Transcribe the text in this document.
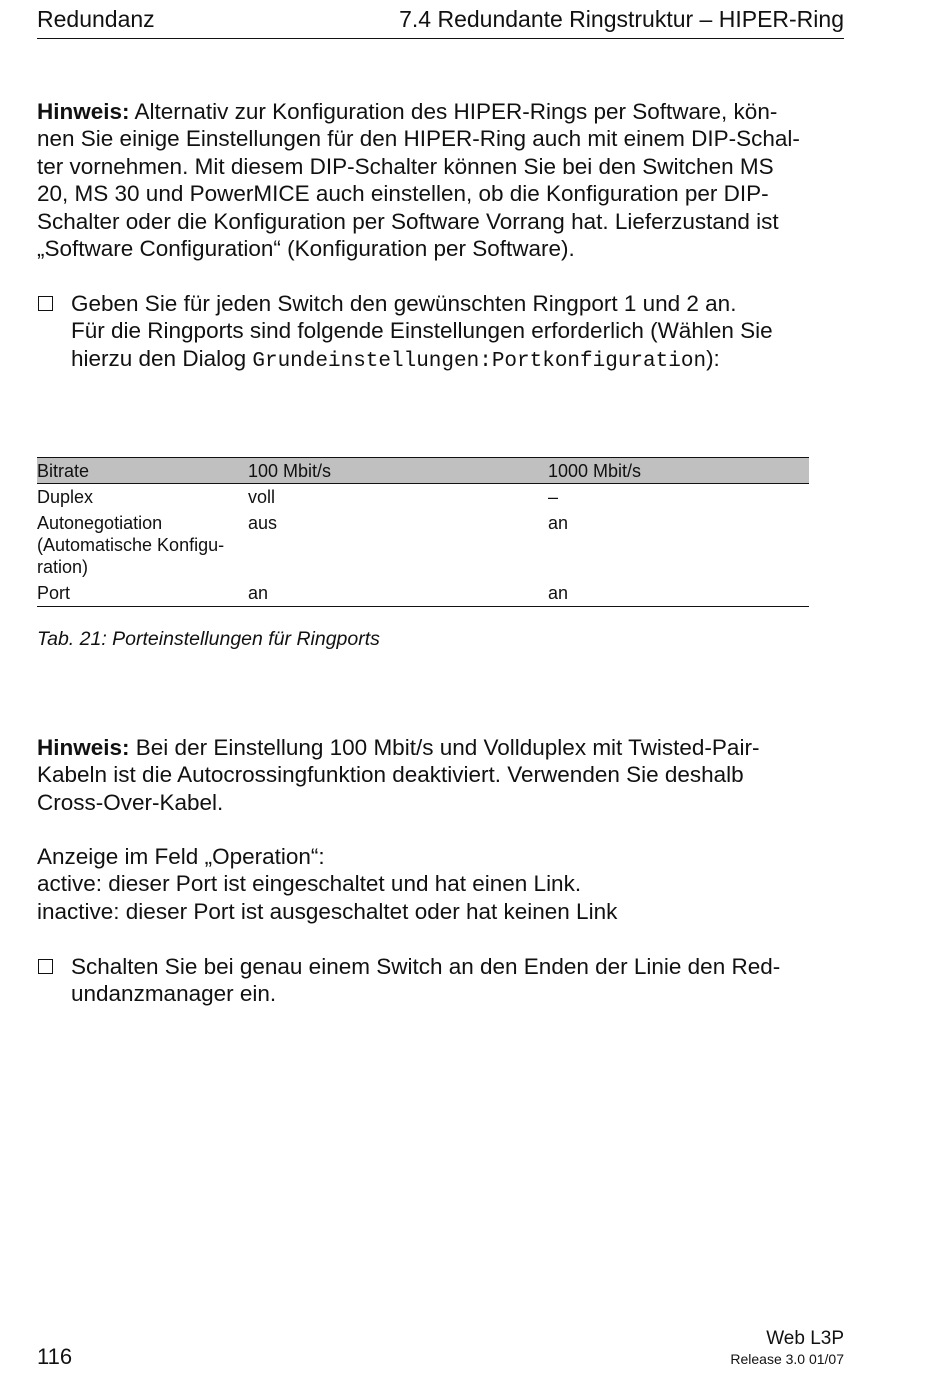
Redundanz	7.4 Redundante Ringstruktur – HIPER-Ring

Hinweis: Alternativ zur Konfiguration des HIPER-Rings per Software, kön-
nen Sie einige Einstellungen für den HIPER-Ring auch mit einem DIP-Schal-
ter vornehmen. Mit diesem DIP-Schalter können Sie bei den Switchen MS
20, MS 30 und PowerMICE auch einstellen, ob die Konfiguration per DIP-
Schalter oder die Konfiguration per Software Vorrang hat. Lieferzustand ist
„Software Configuration“ (Konfiguration per Software).

Geben Sie für jeden Switch den gewünschten Ringport 1 und 2 an.
Für die Ringports sind folgende Einstellungen erforderlich (Wählen Sie
hierzu den Dialog Grundeinstellungen:Portkonfiguration):
Bitrate	100 Mbit/s	1000 Mbit/s
Duplex	voll	–
Autonegotiation
(Automatische Konfigu-
ration)	aus	an
Port	an	an
Tab. 21: Porteinstellungen für Ringports

Hinweis: Bei der Einstellung 100 Mbit/s und Vollduplex mit Twisted-Pair-
Kabeln ist die Autocrossingfunktion deaktiviert. Verwenden Sie deshalb
Cross-Over-Kabel.

Anzeige im Feld „Operation“:
active: dieser Port ist eingeschaltet und hat einen Link.
inactive: dieser Port ist ausgeschaltet oder hat keinen Link

Schalten Sie bei genau einem Switch an den Enden der Linie den Red-
undanzmanager ein.
116
Web L3P
Release 3.0 01/07
